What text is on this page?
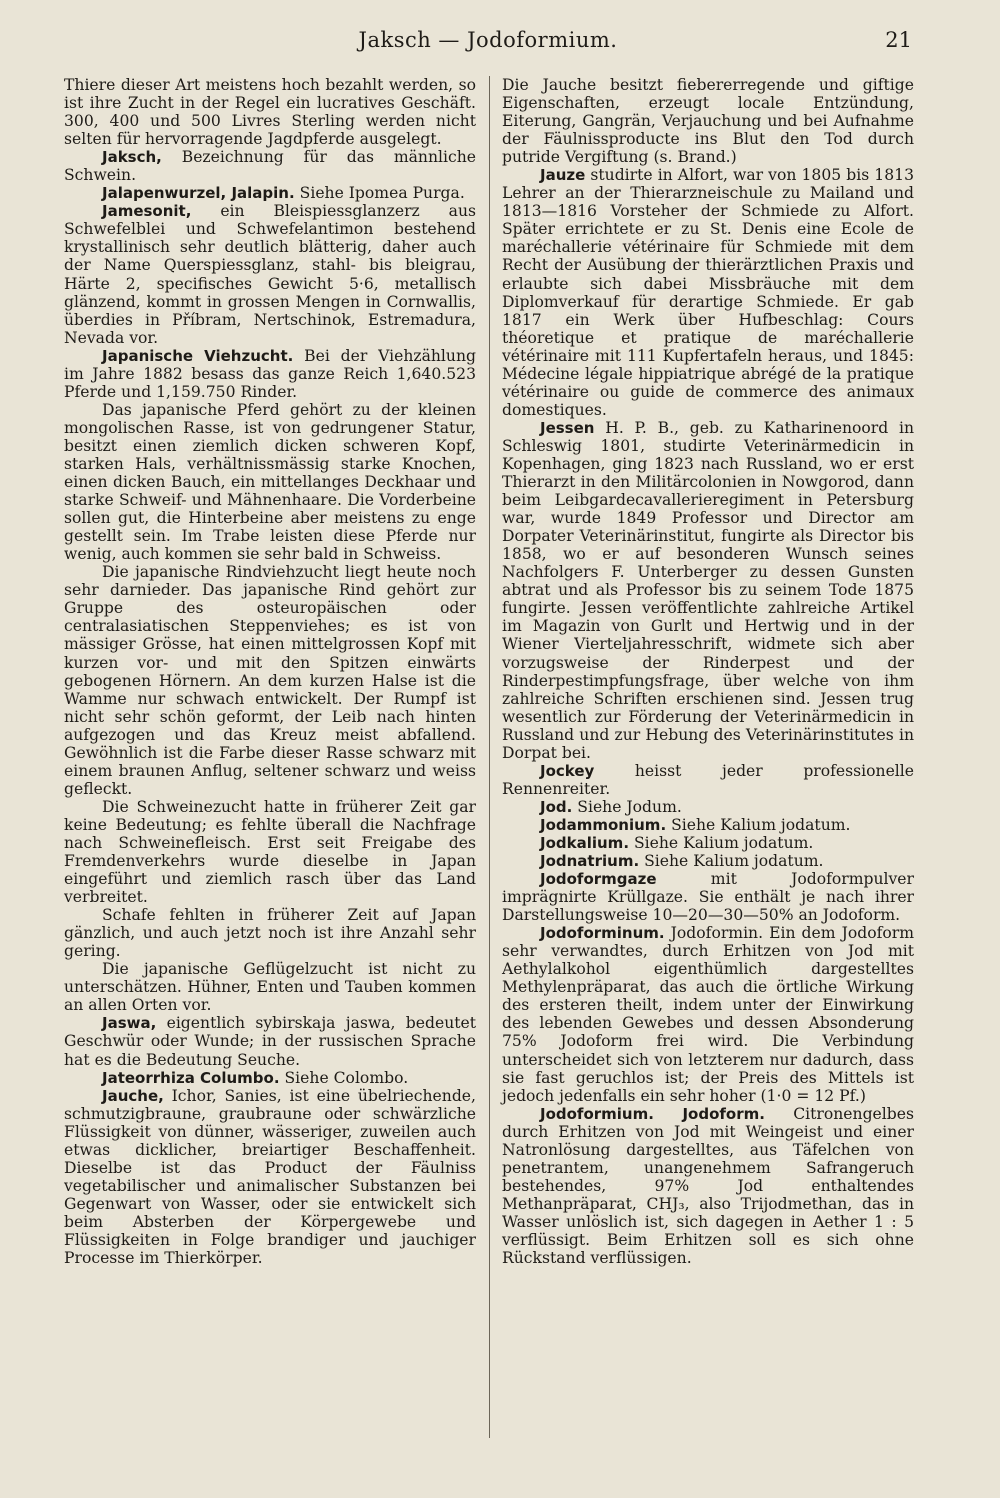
Jaksch — Jodoformium.	21

Thiere dieser Art meistens hoch bezahlt werden, so ist ihre Zucht in der Regel ein lucratives Geschäft. 300, 400 und 500 Livres Sterling werden nicht selten für hervorragende Jagdpferde ausgelegt.

Jaksch, Bezeichnung für das männliche Schwein.

Jalapenwurzel, Jalapin. Siehe Ipomea Purga.

Jamesonit, ein Bleispiessglanzerz aus Schwefelblei und Schwefelantimon bestehend krystallinisch sehr deutlich blätterig, daher auch der Name Querspiessglanz, stahl- bis bleigrau, Härte 2, specifisches Gewicht 5·6, metallisch glänzend, kommt in grossen Mengen in Cornwallis, überdies in Příbram, Nertschinok, Estremadura, Nevada vor.

Japanische Viehzucht. Bei der Viehzählung im Jahre 1882 besass das ganze Reich 1,640.523 Pferde und 1,159.750 Rinder.

Das japanische Pferd gehört zu der kleinen mongolischen Rasse, ist von gedrungener Statur, besitzt einen ziemlich dicken schweren Kopf, starken Hals, verhältnissmässig starke Knochen, einen dicken Bauch, ein mittellanges Deckhaar und starke Schweif- und Mähnenhaare. Die Vorderbeine sollen gut, die Hinterbeine aber meistens zu enge gestellt sein. Im Trabe leisten diese Pferde nur wenig, auch kommen sie sehr bald in Schweiss.

Die japanische Rindviehzucht liegt heute noch sehr darnieder. Das japanische Rind gehört zur Gruppe des osteuropäischen oder centralasiatischen Steppenviehes; es ist von mässiger Grösse, hat einen mittelgrossen Kopf mit kurzen vor- und mit den Spitzen einwärts gebogenen Hörnern. An dem kurzen Halse ist die Wamme nur schwach entwickelt. Der Rumpf ist nicht sehr schön geformt, der Leib nach hinten aufgezogen und das Kreuz meist abfallend. Gewöhnlich ist die Farbe dieser Rasse schwarz mit einem braunen Anflug, seltener schwarz und weiss gefleckt.

Die Schweinezucht hatte in früherer Zeit gar keine Bedeutung; es fehlte überall die Nachfrage nach Schweinefleisch. Erst seit Freigabe des Fremdenverkehrs wurde dieselbe in Japan eingeführt und ziemlich rasch über das Land verbreitet.

Schafe fehlten in früherer Zeit auf Japan gänzlich, und auch jetzt noch ist ihre Anzahl sehr gering.

Die japanische Geflügelzucht ist nicht zu unterschätzen. Hühner, Enten und Tauben kommen an allen Orten vor.

Jaswa, eigentlich sybirskaja jaswa, bedeutet Geschwür oder Wunde; in der russischen Sprache hat es die Bedeutung Seuche.

Jateorrhiza Columbo. Siehe Colombo.

Jauche, Ichor, Sanies, ist eine übelriechende, schmutzigbraune, graubraune oder schwärzliche Flüssigkeit von dünner, wässeriger, zuweilen auch etwas dicklicher, breiartiger Beschaffenheit. Dieselbe ist das Product der Fäulniss vegetabilischer und animalischer Substanzen bei Gegenwart von Wasser, oder sie entwickelt sich beim Absterben der Körpergewebe und Flüssigkeiten in Folge brandiger und jauchiger Processe im Thierkörper.

Die Jauche besitzt fiebererregende und giftige Eigenschaften, erzeugt locale Entzündung, Eiterung, Gangrän, Verjauchung und bei Aufnahme der Fäulnissproducte ins Blut den Tod durch putride Vergiftung (s. Brand.)

Jauze studirte in Alfort, war von 1805 bis 1813 Lehrer an der Thierarzneischule zu Mailand und 1813—1816 Vorsteher der Schmiede zu Alfort. Später errichtete er zu St. Denis eine Ecole de maréchallerie vétérinaire für Schmiede mit dem Recht der Ausübung der thierärztlichen Praxis und erlaubte sich dabei Missbräuche mit dem Diplomverkauf für derartige Schmiede. Er gab 1817 ein Werk über Hufbeschlag: Cours théoretique et pratique de maréchallerie vétérinaire mit 111 Kupfertafeln heraus, und 1845: Médecine légale hippiatrique abrégé de la pratique vétérinaire ou guide de commerce des animaux domestiques.

Jessen H. P. B., geb. zu Katharinenoord in Schleswig 1801, studirte Veterinärmedicin in Kopenhagen, ging 1823 nach Russland, wo er erst Thierarzt in den Militärcolonien in Nowgorod, dann beim Leibgardecavallerieregiment in Petersburg war, wurde 1849 Professor und Director am Dorpater Veterinärinstitut, fungirte als Director bis 1858, wo er auf besonderen Wunsch seines Nachfolgers F. Unterberger zu dessen Gunsten abtrat und als Professor bis zu seinem Tode 1875 fungirte. Jessen veröffentlichte zahlreiche Artikel im Magazin von Gurlt und Hertwig und in der Wiener Vierteljahresschrift, widmete sich aber vorzugsweise der Rinderpest und der Rinderpestimpfungsfrage, über welche von ihm zahlreiche Schriften erschienen sind. Jessen trug wesentlich zur Förderung der Veterinärmedicin in Russland und zur Hebung des Veterinärinstitutes in Dorpat bei.

Jockey heisst jeder professionelle Rennenreiter.

Jod. Siehe Jodum.

Jodammonium. Siehe Kalium jodatum.

Jodkalium. Siehe Kalium jodatum.

Jodnatrium. Siehe Kalium jodatum.

Jodoformgaze mit Jodoformpulver imprägnirte Krüllgaze. Sie enthält je nach ihrer Darstellungsweise 10—20—30—50% an Jodoform.

Jodoforminum. Jodoformin. Ein dem Jodoform sehr verwandtes, durch Erhitzen von Jod mit Aethylalkohol eigenthümlich dargestelltes Methylenpräparat, das auch die örtliche Wirkung des ersteren theilt, indem unter der Einwirkung des lebenden Gewebes und dessen Absonderung 75% Jodoform frei wird. Die Verbindung unterscheidet sich von letzterem nur dadurch, dass sie fast geruchlos ist; der Preis des Mittels ist jedoch jedenfalls ein sehr hoher (1·0 = 12 Pf.)

Jodoformium. Jodoform. Citronengelbes durch Erhitzen von Jod mit Weingeist und einer Natronlösung dargestelltes, aus Täfelchen von penetrantem, unangenehmem Safrangeruch bestehendes, 97% Jod enthaltendes Methanpräparat, CHJ₃, also Trijodmethan, das in Wasser unlöslich ist, sich dagegen in Aether 1 : 5 verflüssigt. Beim Erhitzen soll es sich ohne Rückstand verflüssigen.
